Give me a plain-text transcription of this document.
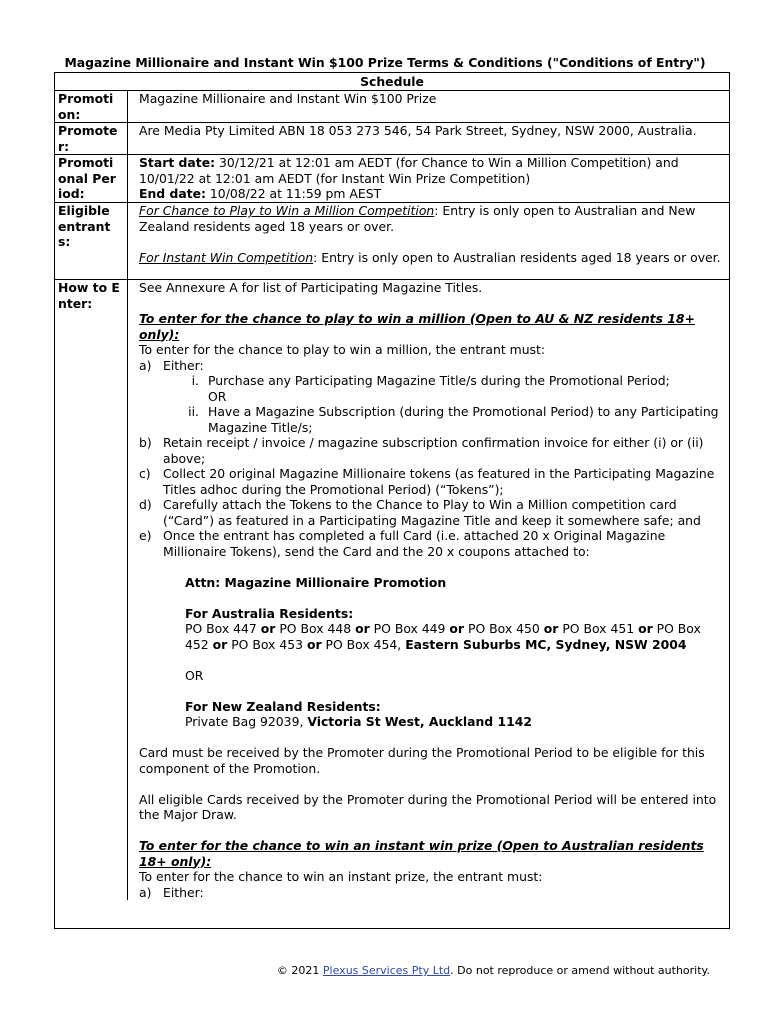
Magazine Millionaire and Instant Win $100 Prize Terms & Conditions ("Conditions of Entry")
Schedule
Promotion:
Magazine Millionaire and Instant Win $100 Prize
Promoter:
Are Media Pty Limited ABN 18 053 273 546, 54 Park Street, Sydney, NSW 2000, Australia.
Promotional Period:

Start date: 30/12/21 at 12:01 am AEDT (for Chance to Win a Million Competition) and 10/01/22 at 12:01 am AEDT (for Instant Win Prize Competition)

End date: 10/08/22 at 11:59 pm AEST

Eligible entrants:

For Chance to Play to Win a Million Competition: Entry is only open to Australian and New Zealand residents aged 18 years or over.

For Instant Win Competition: Entry is only open to Australian residents aged 18 years or over.

How to Enter:

See Annexure A for list of Participating Magazine Titles.

To enter for the chance to play to win a million (Open to AU & NZ residents 18+ only):

To enter for the chance to play to win a million, the entrant must:

a) Either:
i. Purchase any Participating Magazine Title/s during the Promotional Period;
OR
ii. Have a Magazine Subscription (during the Promotional Period) to any Participating Magazine Title/s;
b) Retain receipt / invoice / magazine subscription confirmation invoice for either (i) or (ii) above;
c) Collect 20 original Magazine Millionaire tokens (as featured in the Participating Magazine Titles adhoc during the Promotional Period) (“Tokens”);
d) Carefully attach the Tokens to the Chance to Play to Win a Million competition card (“Card”) as featured in a Participating Magazine Title and keep it somewhere safe; and
e) Once the entrant has completed a full Card (i.e. attached 20 x Original Magazine Millionaire Tokens), send the Card and the 20 x coupons attached to:

Attn: Magazine Millionaire Promotion

For Australia Residents:

PO Box 447 or PO Box 448 or PO Box 449 or PO Box 450 or PO Box 451 or PO Box 452 or PO Box 453 or PO Box 454, Eastern Suburbs MC, Sydney, NSW 2004

OR

For New Zealand Residents:

Private Bag 92039, Victoria St West, Auckland 1142

Card must be received by the Promoter during the Promotional Period to be eligible for this component of the Promotion.

All eligible Cards received by the Promoter during the Promotional Period will be entered into the Major Draw.

To enter for the chance to win an instant win prize (Open to Australian residents 18+ only):

To enter for the chance to win an instant prize, the entrant must:

a) Either:
© 2021 Plexus Services Pty Ltd. Do not reproduce or amend without authority.
